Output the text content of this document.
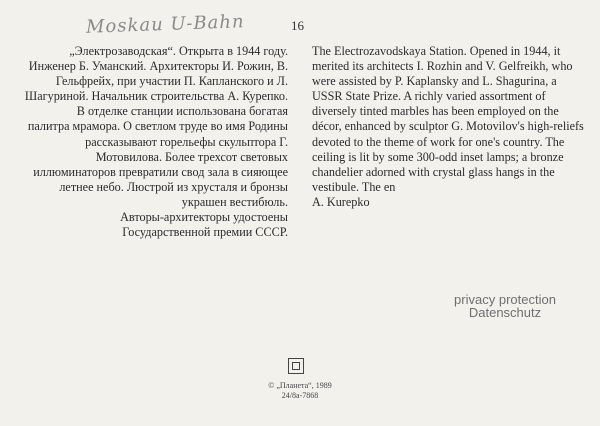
Moskau U-Bahn	16

„Электрозаводская“. Открыта в 1944 году. Инженер Б. Уманский. Архитекторы И. Рожин, В. Гельфрейх, при участии П. Капланского и Л. Шагуриной. Начальник строительства А. Курепко.

В отделке станции использована богатая палитра мрамора. О светлом труде во имя Родины рассказывают горельефы скульптора Г. Мотовилова. Более трехсот световых иллюминаторов превратили свод зала в сияющее летнее небо. Люстрой из хрусталя и бронзы украшен вестибюль.

Авторы-архитекторы удостоены Государственной премии СССР.

The Electrozavodskaya Station. Opened in 1944, it merited its architects I. Rozhin and V. Gelfreikh, who were assisted by P. Kaplansky and L. Shagurina, a USSR State Prize. A richly varied assortment of diversely tinted marbles has been employed on the décor, enhanced by sculptor G. Motovilov's high-reliefs devoted to the theme of work for one's country. The ceiling is lit by some 300-odd inset lamps; a bronze chandelier adorned with crystal glass hangs in the vestibule. The en

A. Kurepko

privacy protection
Datenschutz
© „Планета“, 1989
24/8а-7868
